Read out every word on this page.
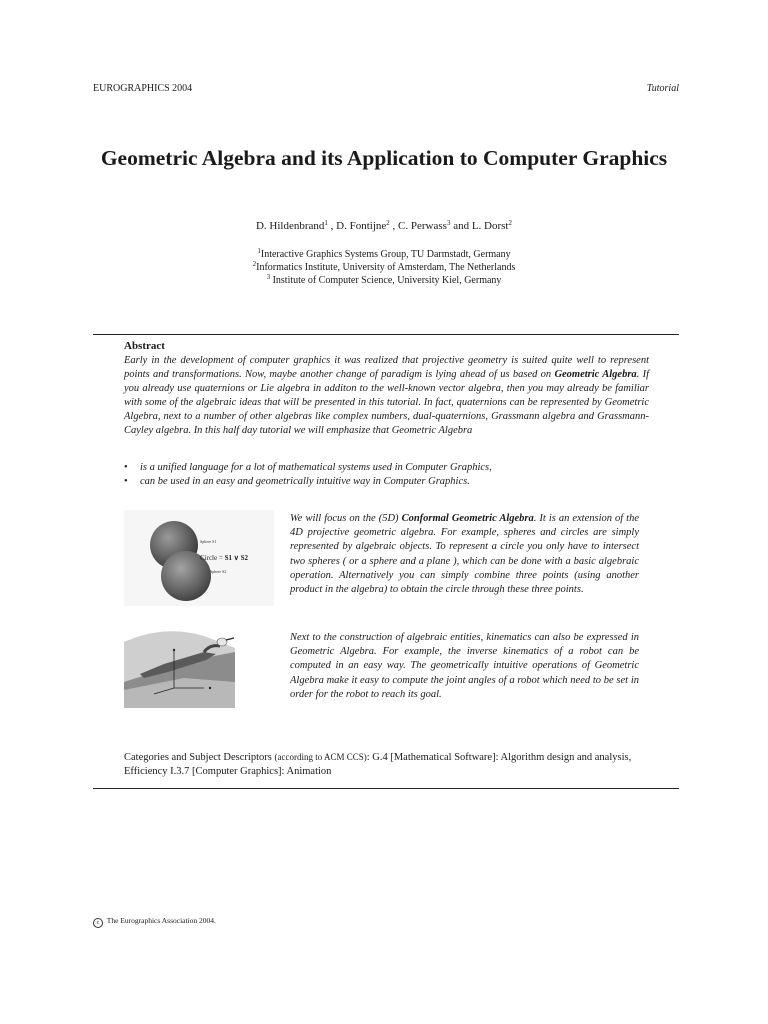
EUROGRAPHICS 2004	Tutorial
Geometric Algebra and its Application to Computer Graphics
D. Hildenbrand$^1$ , D. Fontijne$^2$ , C. Perwass$^3$ and L. Dorst$^2$
$^1$Interactive Graphics Systems Group, TU Darmstadt, Germany
$^2$Informatics Institute, University of Amsterdam, The Netherlands
$^3$ Institute of Computer Science, University Kiel, Germany
Abstract
Early in the development of computer graphics it was realized that projective geometry is suited quite well to represent points and transformations. Now, maybe another change of paradigm is lying ahead of us based on Geometric Algebra. If you already use quaternions or Lie algebra in additon to the well-known vector algebra, then you may already be familiar with some of the algebraic ideas that will be presented in this tutorial. In fact, quaternions can be represented by Geometric Algebra, next to a number of other algebras like complex numbers, dual-quaternions, Grassmann algebra and Grassmann-Cayley algebra. In this half day tutorial we will emphasize that Geometric Algebra
• is a unified language for a lot of mathematical systems used in Computer Graphics,
• can be used in an easy and geometrically intuitive way in Computer Graphics.
Sphere S1
Circle = S1 ∨ S2
Sphere S2
We will focus on the (5D) Conformal Geometric Algebra. It is an extension of the 4D projective geometric algebra. For example, spheres and circles are simply represented by algebraic objects. To represent a circle you only have to intersect two spheres ( or a sphere and a plane ), which can be done with a basic algebraic operation. Alternatively you can simply combine three points (using another product in the algebra) to obtain the circle through these three points.
Next to the construction of algebraic entities, kinematics can also be expressed in Geometric Algebra. For example, the inverse kinematics of a robot can be computed in an easy way. The geometrically intuitive operations of Geometric Algebra make it easy to compute the joint angles of a robot which need to be set in order for the robot to reach its goal.
Categories and Subject Descriptors (according to ACM CCS): G.4 [Mathematical Software]: Algorithm design and analysis, Efficiency I.3.7 [Computer Graphics]: Animation
c The Eurographics Association 2004.
